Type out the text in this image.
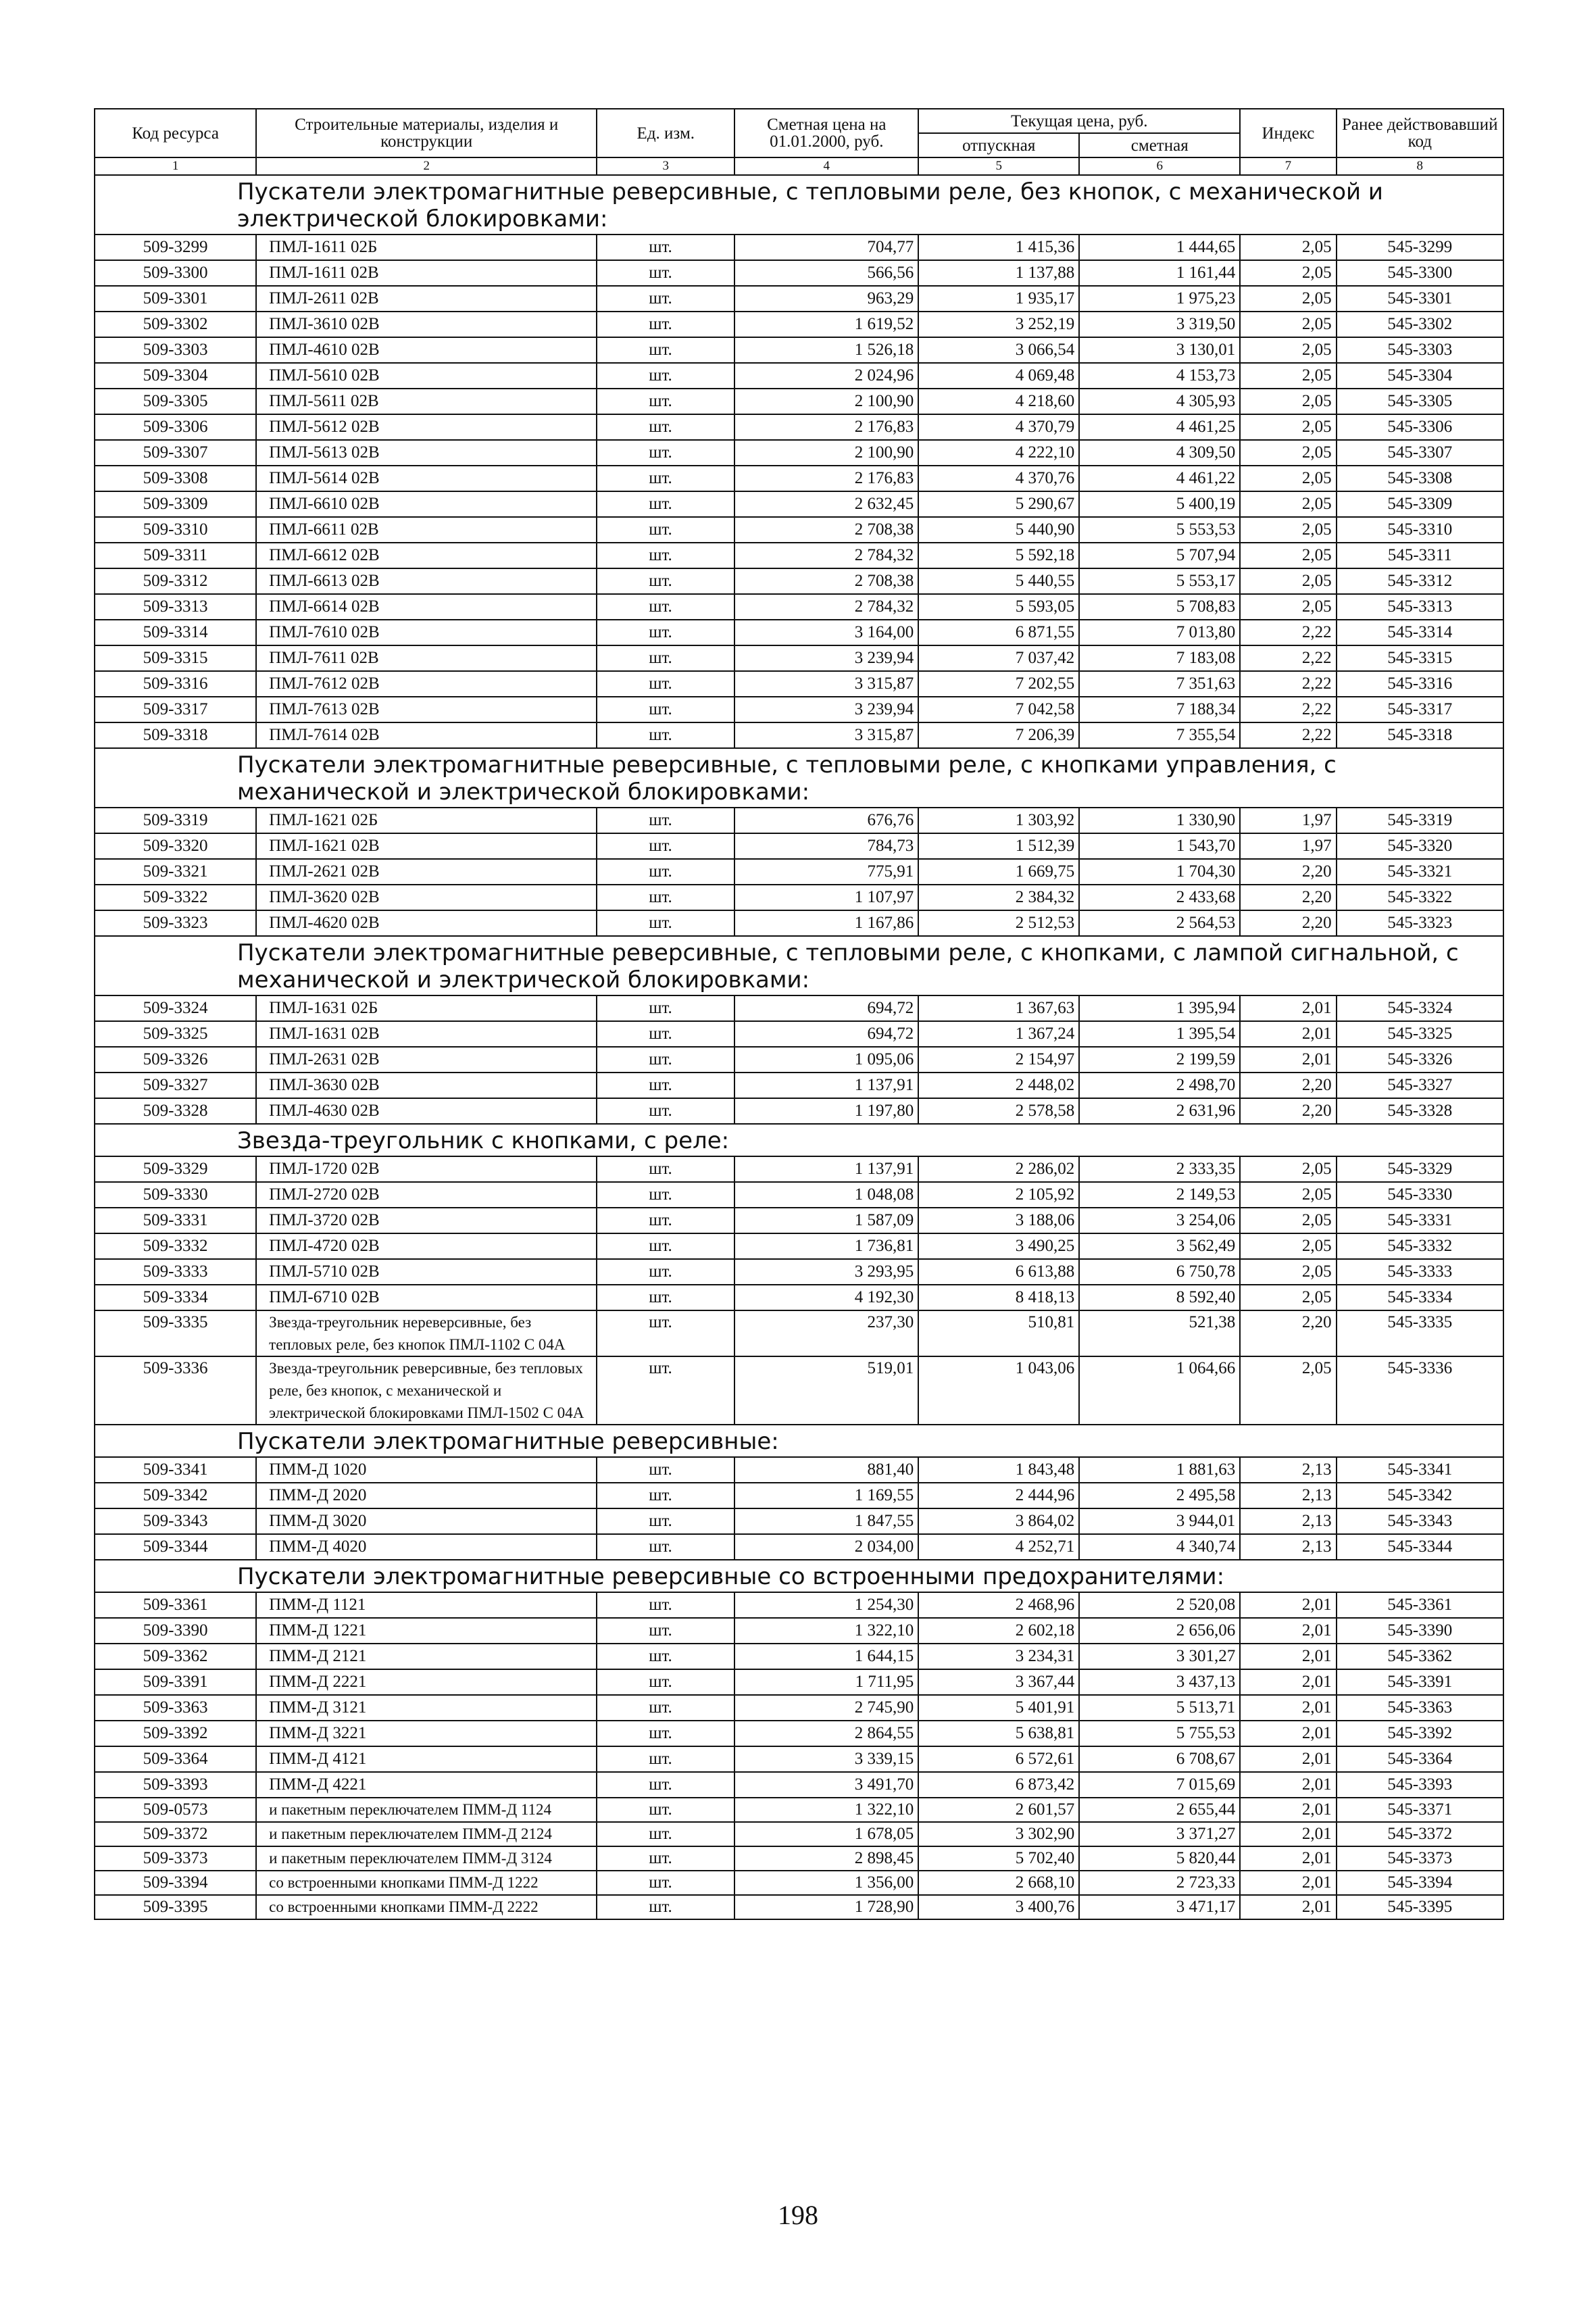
Код ресурса	Строительные материалы, изделия и конструкции	Ед. изм.	Сметная цена на 01.01.2000, руб.	Текущая цена, руб.		Индекс	Ранее действовавший код
				отпускная	сметная		
1	2	3	4	5	6	7	8
Пускатели электромагнитные реверсивные, с тепловыми реле, без кнопок, с механической и электрической блокировками:							
509-3299	ПМЛ-1611 02Б	шт.	704,77	1 415,36	1 444,65	2,05	545-3299
509-3300	ПМЛ-1611 02В	шт.	566,56	1 137,88	1 161,44	2,05	545-3300
509-3301	ПМЛ-2611 02В	шт.	963,29	1 935,17	1 975,23	2,05	545-3301
509-3302	ПМЛ-3610 02В	шт.	1 619,52	3 252,19	3 319,50	2,05	545-3302
509-3303	ПМЛ-4610 02В	шт.	1 526,18	3 066,54	3 130,01	2,05	545-3303
509-3304	ПМЛ-5610 02В	шт.	2 024,96	4 069,48	4 153,73	2,05	545-3304
509-3305	ПМЛ-5611 02В	шт.	2 100,90	4 218,60	4 305,93	2,05	545-3305
509-3306	ПМЛ-5612 02В	шт.	2 176,83	4 370,79	4 461,25	2,05	545-3306
509-3307	ПМЛ-5613 02В	шт.	2 100,90	4 222,10	4 309,50	2,05	545-3307
509-3308	ПМЛ-5614 02В	шт.	2 176,83	4 370,76	4 461,22	2,05	545-3308
509-3309	ПМЛ-6610 02В	шт.	2 632,45	5 290,67	5 400,19	2,05	545-3309
509-3310	ПМЛ-6611 02В	шт.	2 708,38	5 440,90	5 553,53	2,05	545-3310
509-3311	ПМЛ-6612 02В	шт.	2 784,32	5 592,18	5 707,94	2,05	545-3311
509-3312	ПМЛ-6613 02В	шт.	2 708,38	5 440,55	5 553,17	2,05	545-3312
509-3313	ПМЛ-6614 02В	шт.	2 784,32	5 593,05	5 708,83	2,05	545-3313
509-3314	ПМЛ-7610 02В	шт.	3 164,00	6 871,55	7 013,80	2,22	545-3314
509-3315	ПМЛ-7611 02В	шт.	3 239,94	7 037,42	7 183,08	2,22	545-3315
509-3316	ПМЛ-7612 02В	шт.	3 315,87	7 202,55	7 351,63	2,22	545-3316
509-3317	ПМЛ-7613 02В	шт.	3 239,94	7 042,58	7 188,34	2,22	545-3317
509-3318	ПМЛ-7614 02В	шт.	3 315,87	7 206,39	7 355,54	2,22	545-3318
Пускатели электромагнитные реверсивные, с тепловыми реле, с кнопками управления, с механической и электрической блокировками:							
509-3319	ПМЛ-1621 02Б	шт.	676,76	1 303,92	1 330,90	1,97	545-3319
509-3320	ПМЛ-1621 02В	шт.	784,73	1 512,39	1 543,70	1,97	545-3320
509-3321	ПМЛ-2621 02В	шт.	775,91	1 669,75	1 704,30	2,20	545-3321
509-3322	ПМЛ-3620 02В	шт.	1 107,97	2 384,32	2 433,68	2,20	545-3322
509-3323	ПМЛ-4620 02В	шт.	1 167,86	2 512,53	2 564,53	2,20	545-3323
Пускатели электромагнитные реверсивные, с тепловыми реле, с кнопками, с лампой сигнальной, с механической и электрической блокировками:							
509-3324	ПМЛ-1631 02Б	шт.	694,72	1 367,63	1 395,94	2,01	545-3324
509-3325	ПМЛ-1631 02В	шт.	694,72	1 367,24	1 395,54	2,01	545-3325
509-3326	ПМЛ-2631 02В	шт.	1 095,06	2 154,97	2 199,59	2,01	545-3326
509-3327	ПМЛ-3630 02В	шт.	1 137,91	2 448,02	2 498,70	2,20	545-3327
509-3328	ПМЛ-4630 02В	шт.	1 197,80	2 578,58	2 631,96	2,20	545-3328
Звезда-треугольник с кнопками, с реле:							
509-3329	ПМЛ-1720 02В	шт.	1 137,91	2 286,02	2 333,35	2,05	545-3329
509-3330	ПМЛ-2720 02В	шт.	1 048,08	2 105,92	2 149,53	2,05	545-3330
509-3331	ПМЛ-3720 02В	шт.	1 587,09	3 188,06	3 254,06	2,05	545-3331
509-3332	ПМЛ-4720 02В	шт.	1 736,81	3 490,25	3 562,49	2,05	545-3332
509-3333	ПМЛ-5710 02В	шт.	3 293,95	6 613,88	6 750,78	2,05	545-3333
509-3334	ПМЛ-6710 02В	шт.	4 192,30	8 418,13	8 592,40	2,05	545-3334
509-3335	Звезда-треугольник нереверсивные, без тепловых реле, без кнопок ПМЛ-1102 С 04А	шт.	237,30	510,81	521,38	2,20	545-3335
509-3336	Звезда-треугольник реверсивные, без тепловых реле, без кнопок, с механической и электрической блокировками ПМЛ-1502 С 04А	шт.	519,01	1 043,06	1 064,66	2,05	545-3336
Пускатели электромагнитные реверсивные:							
509-3341	ПММ-Д 1020	шт.	881,40	1 843,48	1 881,63	2,13	545-3341
509-3342	ПММ-Д 2020	шт.	1 169,55	2 444,96	2 495,58	2,13	545-3342
509-3343	ПММ-Д 3020	шт.	1 847,55	3 864,02	3 944,01	2,13	545-3343
509-3344	ПММ-Д 4020	шт.	2 034,00	4 252,71	4 340,74	2,13	545-3344
Пускатели электромагнитные реверсивные со встроенными предохранителями:							
509-3361	ПММ-Д 1121	шт.	1 254,30	2 468,96	2 520,08	2,01	545-3361
509-3390	ПММ-Д 1221	шт.	1 322,10	2 602,18	2 656,06	2,01	545-3390
509-3362	ПММ-Д 2121	шт.	1 644,15	3 234,31	3 301,27	2,01	545-3362
509-3391	ПММ-Д 2221	шт.	1 711,95	3 367,44	3 437,13	2,01	545-3391
509-3363	ПММ-Д 3121	шт.	2 745,90	5 401,91	5 513,71	2,01	545-3363
509-3392	ПММ-Д 3221	шт.	2 864,55	5 638,81	5 755,53	2,01	545-3392
509-3364	ПММ-Д 4121	шт.	3 339,15	6 572,61	6 708,67	2,01	545-3364
509-3393	ПММ-Д 4221	шт.	3 491,70	6 873,42	7 015,69	2,01	545-3393
509-0573	и пакетным переключателем ПММ-Д 1124	шт.	1 322,10	2 601,57	2 655,44	2,01	545-3371
509-3372	и пакетным переключателем ПММ-Д 2124	шт.	1 678,05	3 302,90	3 371,27	2,01	545-3372
509-3373	и пакетным переключателем ПММ-Д 3124	шт.	2 898,45	5 702,40	5 820,44	2,01	545-3373
509-3394	со встроенными кнопками ПММ-Д 1222	шт.	1 356,00	2 668,10	2 723,33	2,01	545-3394
509-3395	со встроенными кнопками ПММ-Д 2222	шт.	1 728,90	3 400,76	3 471,17	2,01	545-3395
198
